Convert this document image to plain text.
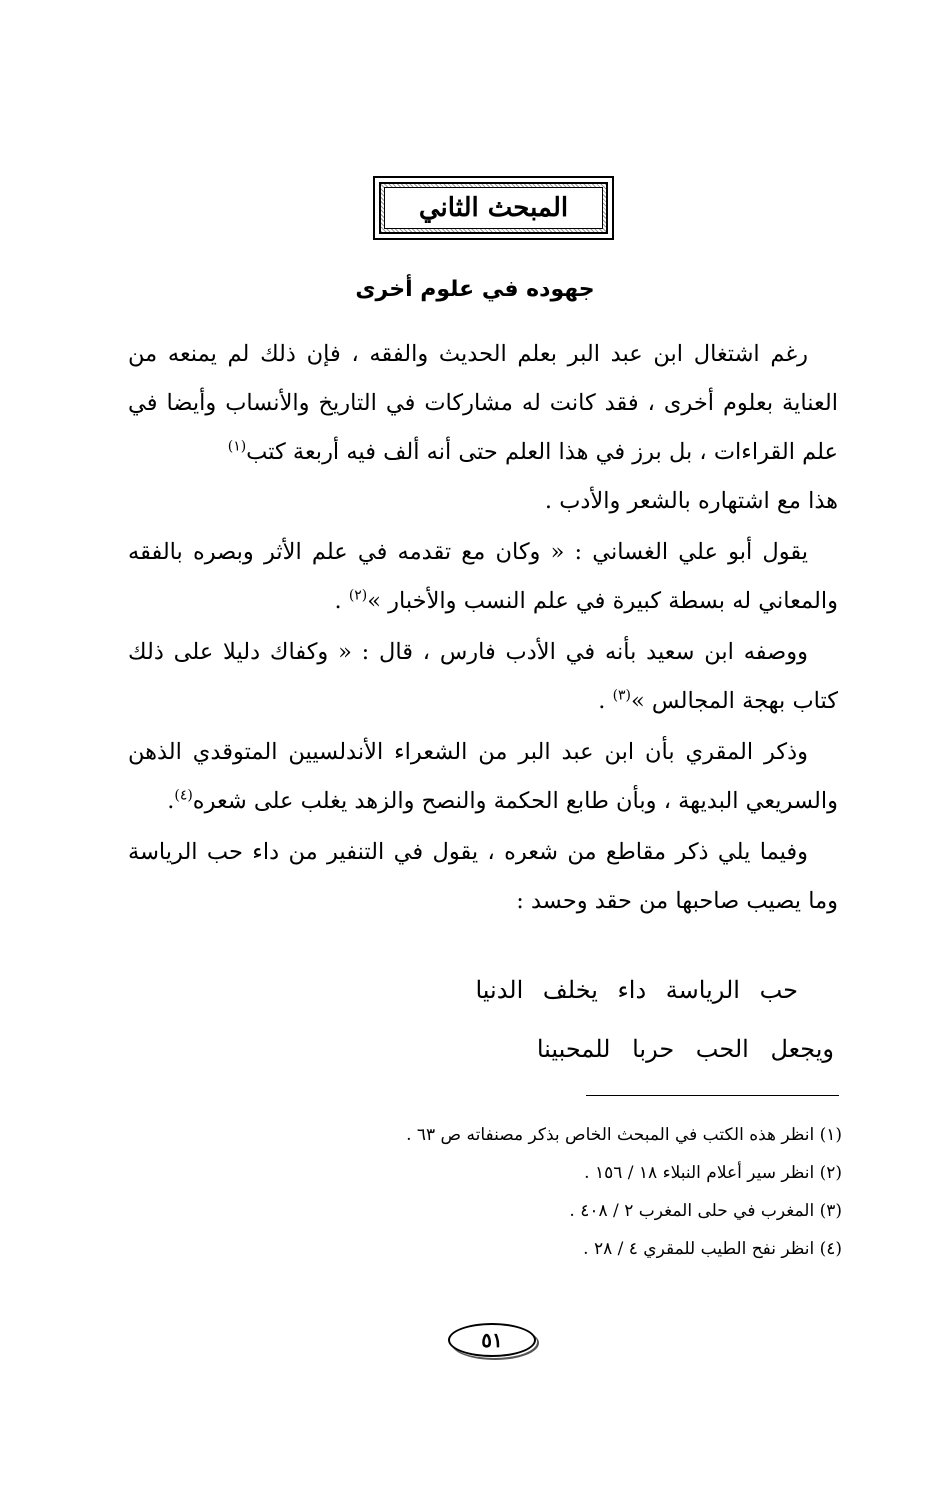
المبحث الثاني
جهوده في علوم أخرى

رغم اشتغال ابن عبد البر بعلم الحديث والفقه ، فإن ذلك لم يمنعه من العناية بعلوم أخرى ، فقد كانت له مشاركات في التاريخ والأنساب وأيضا في علم القراءات ، بل برز في هذا العلم حتى أنه ألف فيه أربعة كتب$^{(١)}$

هذا مع اشتهاره بالشعر والأدب .

يقول أبو علي الغساني : « وكان مع تقدمه في علم الأثر وبصره بالفقه والمعاني له بسطة كبيرة في علم النسب والأخبار »$^{(٢)}$ .

ووصفه ابن سعيد بأنه في الأدب فارس ، قال : « وكفاك دليلا على ذلك كتاب بهجة المجالس »$^{(٣)}$ .

وذكر المقري بأن ابن عبد البر من الشعراء الأندلسيين المتوقدي الذهن والسريعي البديهة ، وبأن طابع الحكمة والنصح والزهد يغلب على شعره$^{(٤)}$.

وفيما يلي ذكر مقاطع من شعره ، يقول في التنفير من داء حب الرياسة وما يصيب صاحبها من حقد وحسد :

حب الرياسة داء يخلف الدنيا
ويجعل الحب حربا للمحبينا
(١) انظر هذه الكتب في المبحث الخاص بذكر مصنفاته ص ٦٣ .
(٢) انظر سير أعلام النبلاء ١٨ / ١٥٦ .
(٣) المغرب في حلى المغرب ٢ / ٤٠٨ .
(٤) انظر نفح الطيب للمقري ٤ / ٢٨ .
٥١
